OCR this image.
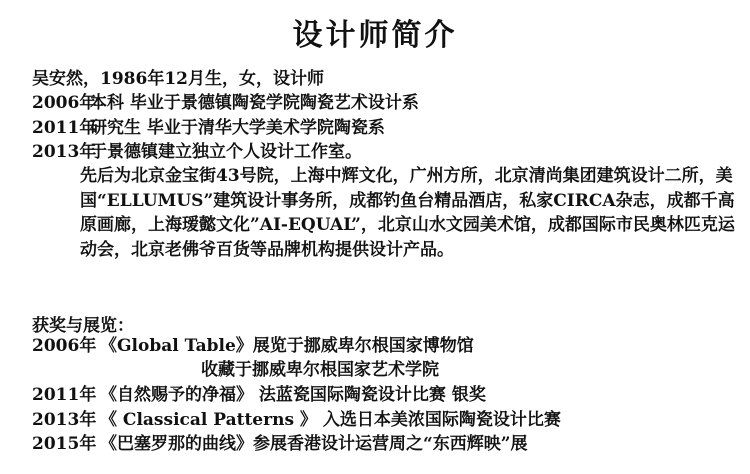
设计师简介
吴安然，1986年12月生，女，设计师
2006年本科 毕业于景德镇陶瓷学院陶瓷艺术设计系
2011年研究生 毕业于清华大学美术学院陶瓷系
2013年于景德镇建立独立个人设计工作室。
先后为北京金宝街43号院，上海中辉文化，广州方所，北京清尚集团建筑设计二所，美国“ELLUMUS”建筑设计事务所，成都钓鱼台精品酒店，私家CIRCA杂志，成都千高原画廊，上海瑷懿文化”AI-EQUAL”，北京山水文园美术馆，成都国际市民奥林匹克运动会，北京老佛爷百货等品牌机构提供设计产品。
获奖与展览：
2006年 《Global Table》展览于挪威卑尔根国家博物馆
收藏于挪威卑尔根国家艺术学院
2011年 《自然赐予的净福》 法蓝瓷国际陶瓷设计比赛 银奖
2013年 《 Classical Patterns 》 入选日本美浓国际陶瓷设计比赛
2015年 《巴塞罗那的曲线》参展香港设计运营周之“东西辉映”展
